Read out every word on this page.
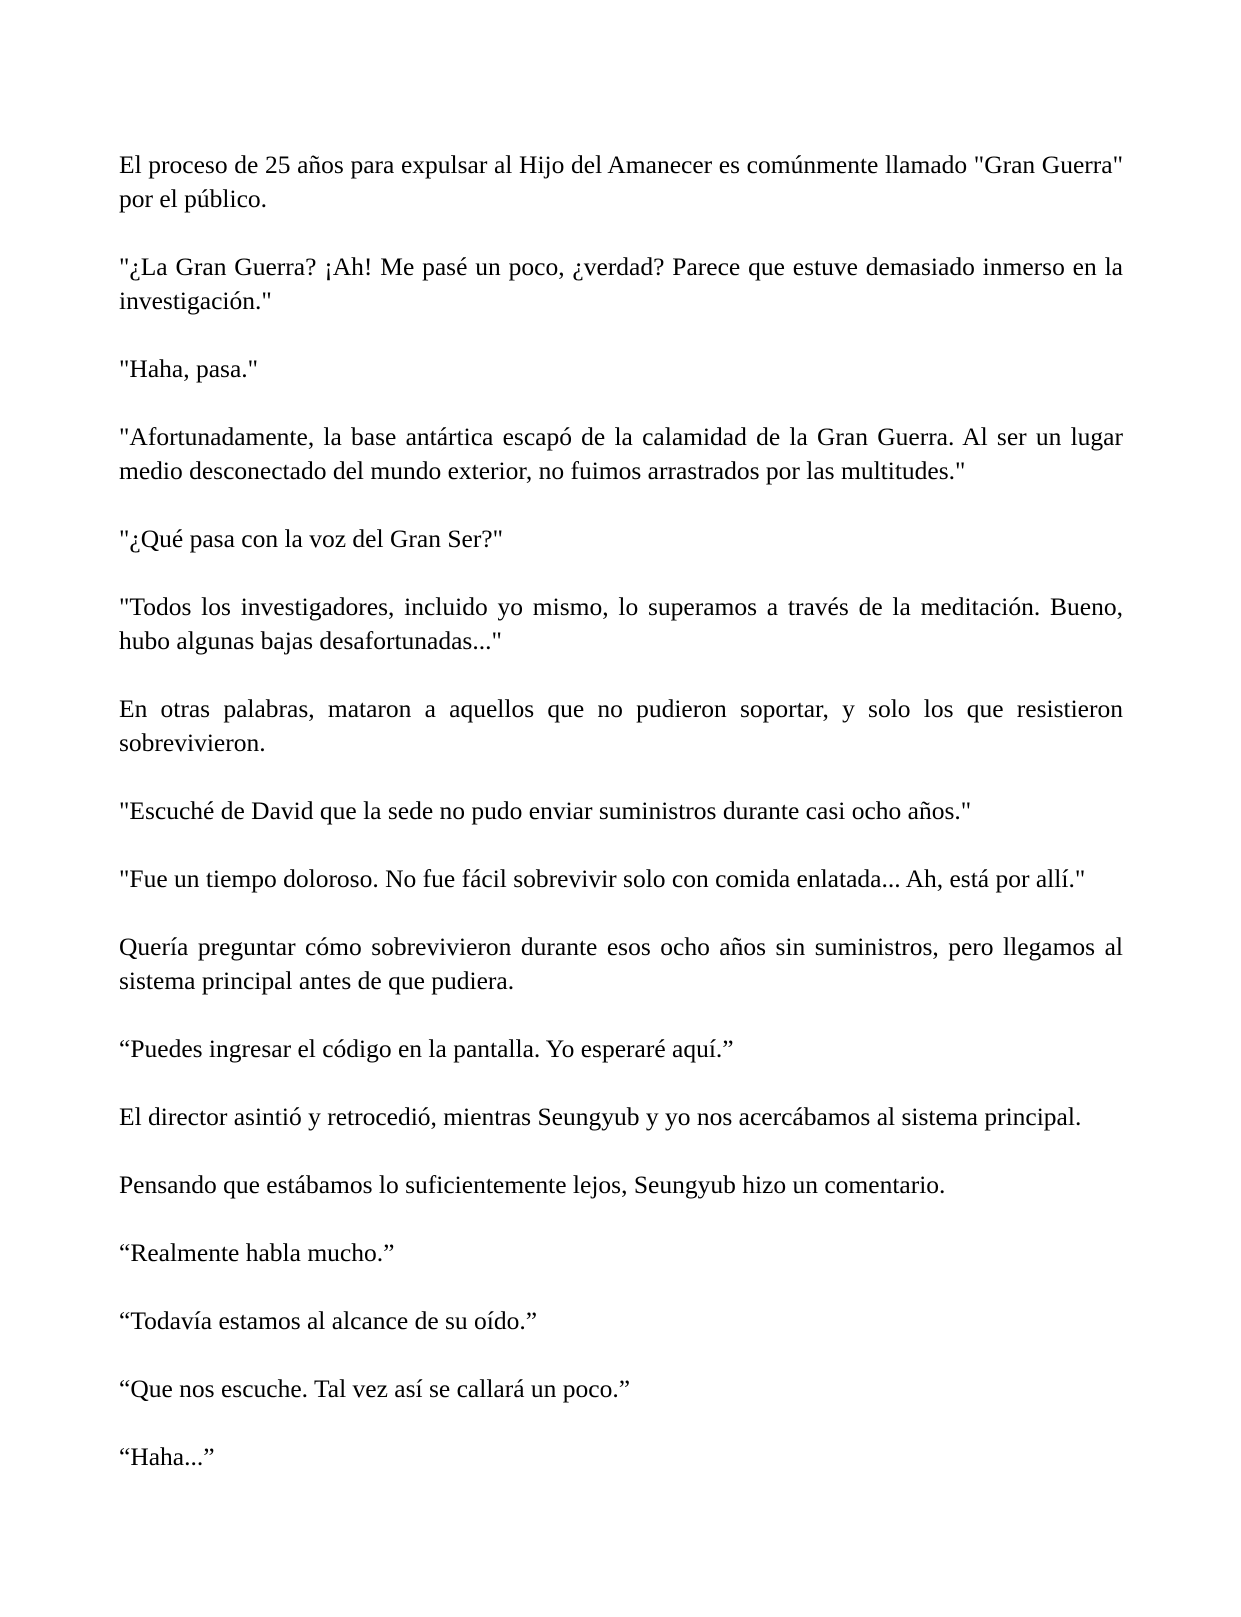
El proceso de 25 años para expulsar al Hijo del Amanecer es comúnmente llamado "Gran Guerra" por el público.

"¿La Gran Guerra? ¡Ah! Me pasé un poco, ¿verdad? Parece que estuve demasiado inmerso en la investigación."

"Haha, pasa."

"Afortunadamente, la base antártica escapó de la calamidad de la Gran Guerra. Al ser un lugar medio desconectado del mundo exterior, no fuimos arrastrados por las multitudes."

"¿Qué pasa con la voz del Gran Ser?"

"Todos los investigadores, incluido yo mismo, lo superamos a través de la meditación. Bueno, hubo algunas bajas desafortunadas..."

En otras palabras, mataron a aquellos que no pudieron soportar, y solo los que resistieron sobrevivieron.

"Escuché de David que la sede no pudo enviar suministros durante casi ocho años."

"Fue un tiempo doloroso. No fue fácil sobrevivir solo con comida enlatada... Ah, está por allí."

Quería preguntar cómo sobrevivieron durante esos ocho años sin suministros, pero llegamos al sistema principal antes de que pudiera.

“Puedes ingresar el código en la pantalla. Yo esperaré aquí.”

El director asintió y retrocedió, mientras Seungyub y yo nos acercábamos al sistema principal.

Pensando que estábamos lo suficientemente lejos, Seungyub hizo un comentario.

“Realmente habla mucho.”

“Todavía estamos al alcance de su oído.”

“Que nos escuche. Tal vez así se callará un poco.”

“Haha...”
